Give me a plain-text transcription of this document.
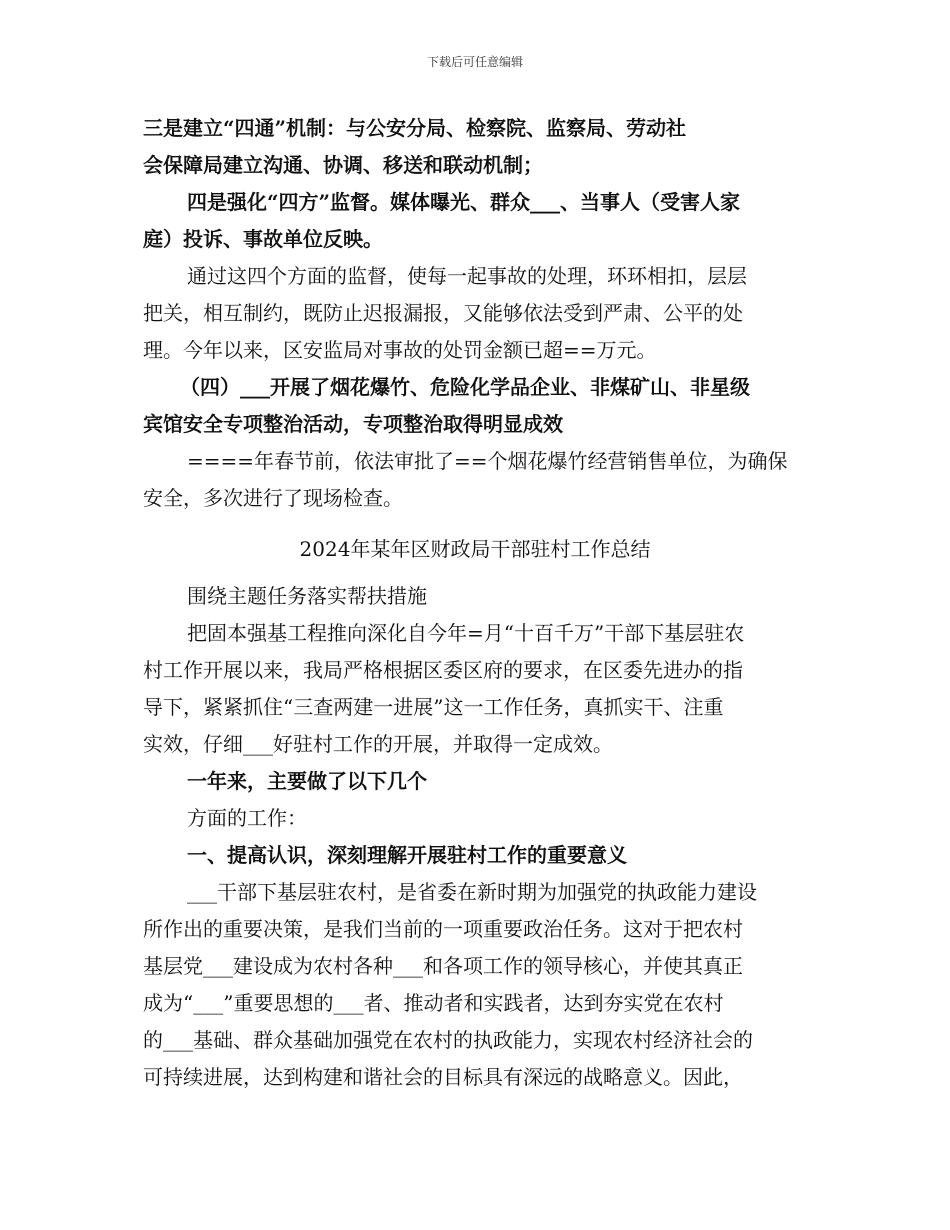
下载后可任意编辑
三是建立“四通”机制：与公安分局、检察院、监察局、劳动社
会保障局建立沟通、协调、移送和联动机制；
四是强化“四方”监督。媒体曝光、群众___、当事人（受害人家
庭）投诉、事故单位反映。
通过这四个方面的监督，使每一起事故的处理，环环相扣，层层
把关，相互制约，既防止迟报漏报，又能够依法受到严肃、公平的处
理。今年以来，区安监局对事故的处罚金额已超==万元。
（四）___开展了烟花爆竹、危险化学品企业、非煤矿山、非星级
宾馆安全专项整治活动，专项整治取得明显成效
====年春节前，依法审批了==个烟花爆竹经营销售单位，为确保
安全，多次进行了现场检查。
2024年某年区财政局干部驻村工作总结
围绕主题任务落实帮扶措施
把固本强基工程推向深化自今年=月“十百千万”干部下基层驻农
村工作开展以来，我局严格根据区委区府的要求，在区委先进办的指
导下，紧紧抓住“三查两建一进展”这一工作任务，真抓实干、注重
实效，仔细___好驻村工作的开展，并取得一定成效。
一年来，主要做了以下几个
方面的工作：
一、提高认识，深刻理解开展驻村工作的重要意义
___干部下基层驻农村，是省委在新时期为加强党的执政能力建设
所作出的重要决策，是我们当前的一项重要政治任务。这对于把农村
基层党___建设成为农村各种___和各项工作的领导核心，并使其真正
成为“___”重要思想的___者、推动者和实践者，达到夯实党在农村
的___基础、群众基础加强党在农村的执政能力，实现农村经济社会的
可持续进展，达到构建和谐社会的目标具有深远的战略意义。因此，
